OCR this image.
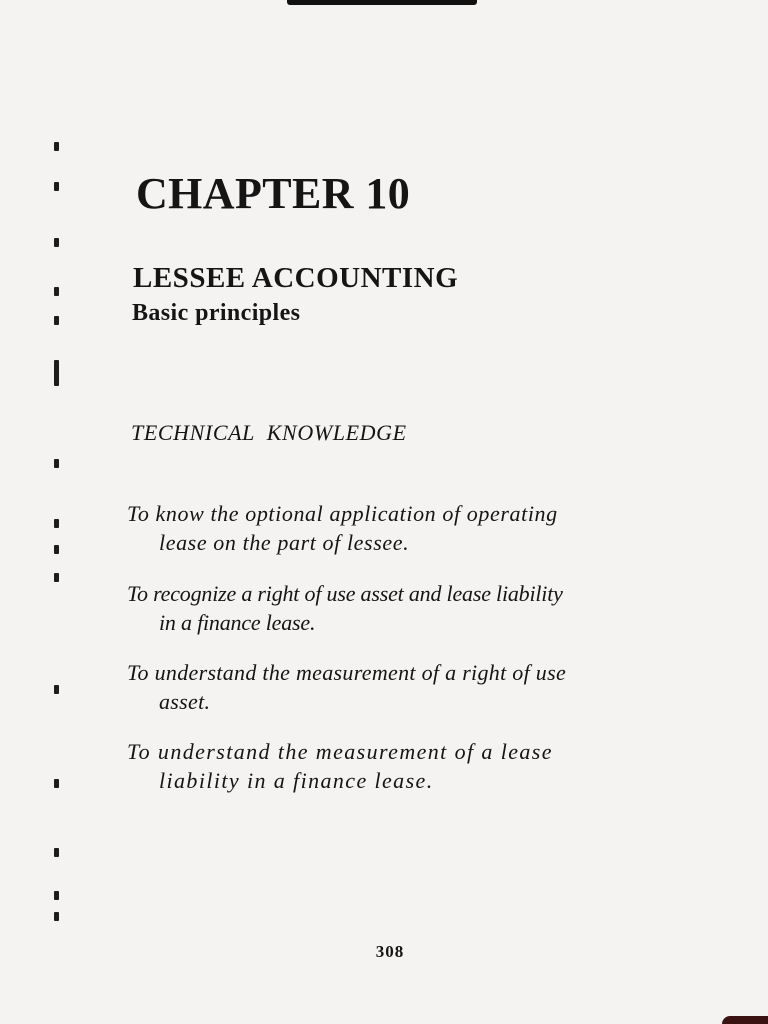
CHAPTER 10
LESSEE ACCOUNTING
Basic principles
TECHNICAL  KNOWLEDGE
To know the optional application of operating
lease on the part of lessee.
To recognize a right of use asset and lease liability
in a finance lease.
To understand the measurement of a right of use
asset.
To understand the measurement of a lease
liability in a finance lease.
308
